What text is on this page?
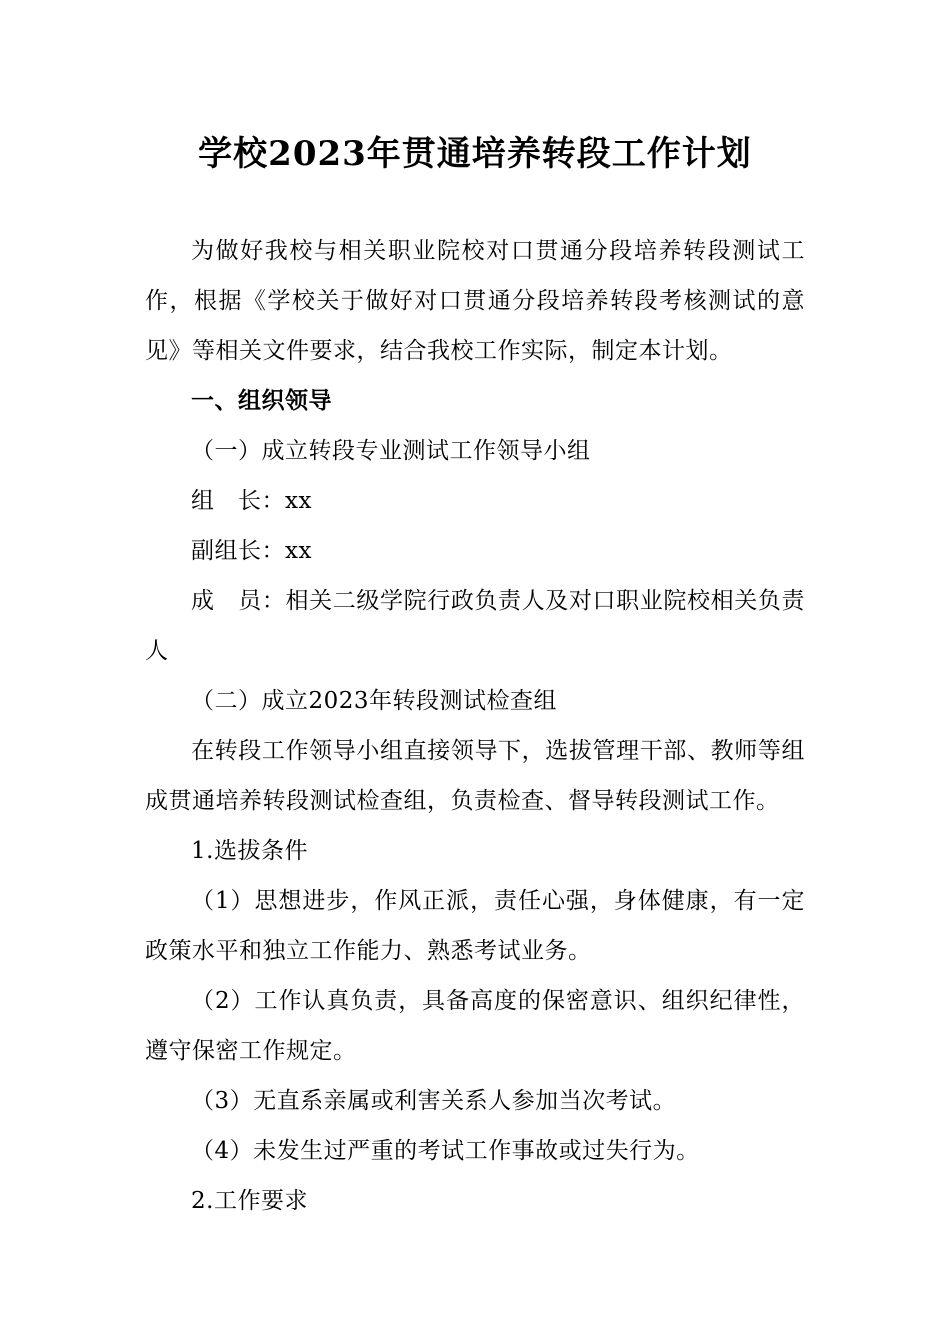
学校2023年贯通培养转段工作计划

为做好我校与相关职业院校对口贯通分段培养转段测试工作，根据《学校关于做好对口贯通分段培养转段考核测试的意见》等相关文件要求，结合我校工作实际，制定本计划。

一、组织领导

（一）成立转段专业测试工作领导小组

组　长：xx

副组长：xx

成　员：相关二级学院行政负责人及对口职业院校相关负责人

（二）成立2023年转段测试检查组

在转段工作领导小组直接领导下，选拔管理干部、教师等组成贯通培养转段测试检查组，负责检查、督导转段测试工作。

1.选拔条件

（1）思想进步，作风正派，责任心强，身体健康，有一定政策水平和独立工作能力、熟悉考试业务。

（2）工作认真负责，具备高度的保密意识、组织纪律性，遵守保密工作规定。

（3）无直系亲属或利害关系人参加当次考试。

（4）未发生过严重的考试工作事故或过失行为。

2.工作要求
